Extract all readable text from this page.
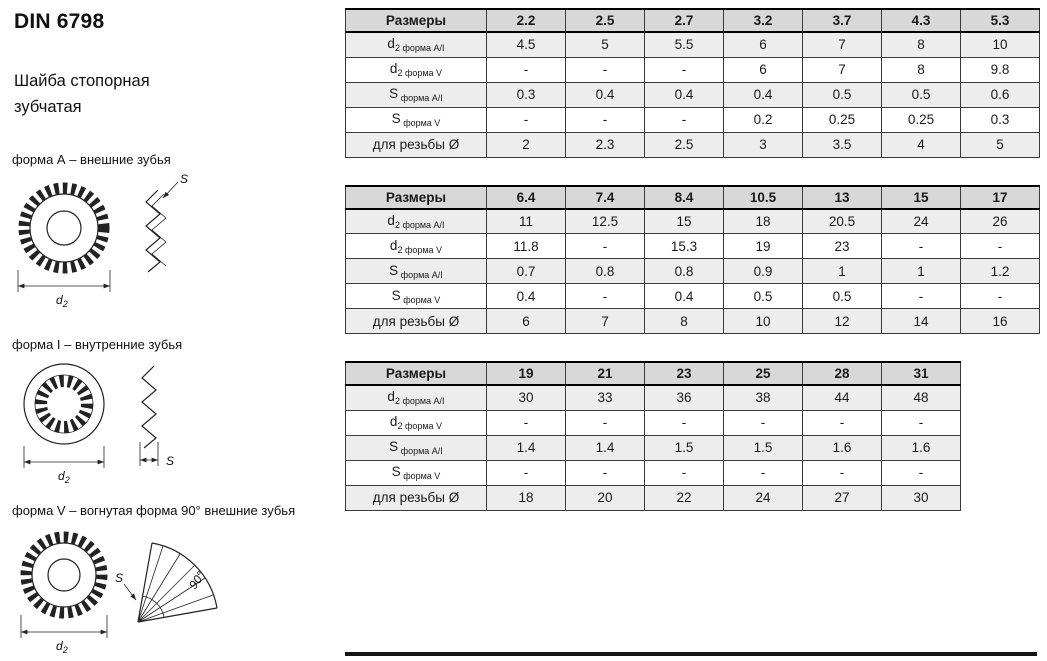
DIN 6798
Шайба стопорная
зубчатая
форма А – внешние зубья
$d_2$
S
форма I – внутренние зубья
$d_2$
S
форма V – вогнутая форма 90° внешние зубья
$d_2$
90°
S
Размеры	2.2	2.5	2.7	3.2	3.7	4.3	5.3
$d_{2 форма А/I}$	4.5	5	5.5	6	7	8	10
$d_{2 форма V}$	-	-	-	6	7	8	9.8
S $_{форма А/I}$	0.3	0.4	0.4	0.4	0.5	0.5	0.6
S $_{форма V}$	-	-	-	0.2	0.25	0.25	0.3
для резьбы Ø	2	2.3	2.5	3	3.5	4	5
Размеры	6.4	7.4	8.4	10.5	13	15	17
$d_{2 форма А/I}$	11	12.5	15	18	20.5	24	26
$d_{2 форма V}$	11.8	-	15.3	19	23	-	-
S $_{форма А/I}$	0.7	0.8	0.8	0.9	1	1	1.2
S $_{форма V}$	0.4	-	0.4	0.5	0.5	-	-
для резьбы Ø	6	7	8	10	12	14	16
Размеры	19	21	23	25	28	31
$d_{2 форма А/I}$	30	33	36	38	44	48
$d_{2 форма V}$	-	-	-	-	-	-
S $_{форма А/I}$	1.4	1.4	1.5	1.5	1.6	1.6
S $_{форма V}$	-	-	-	-	-	-
для резьбы Ø	18	20	22	24	27	30
